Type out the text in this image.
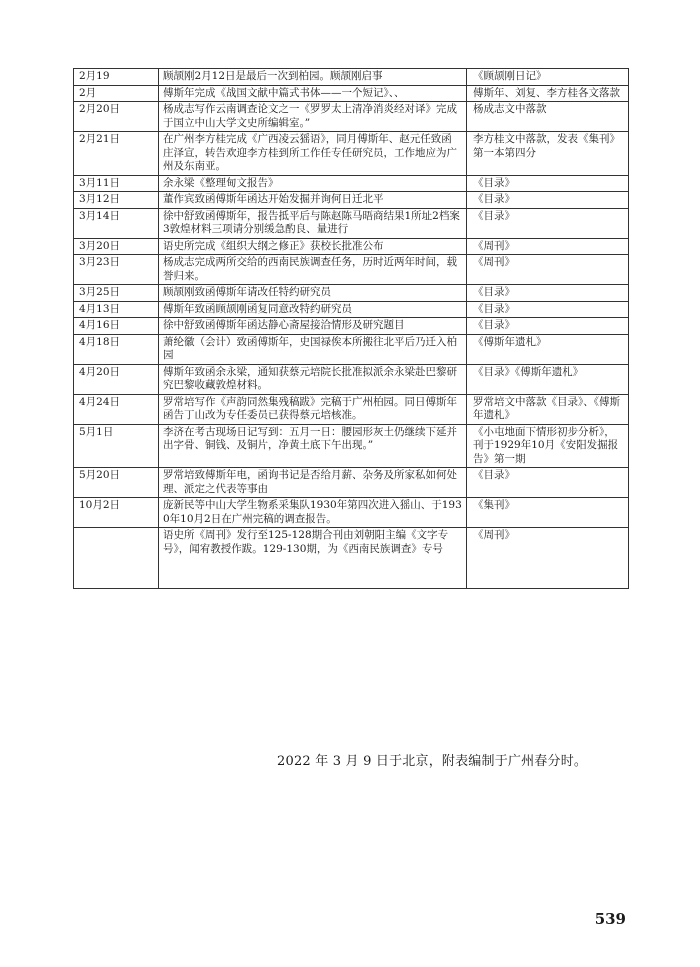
2月19	顾颉刚2月12日是最后一次到柏园。顾颉刚启事	《顾颉刚日记》
2月	傅斯年完成《战国文献中篇式书体——一个短记》、、	傅斯年、刘复、李方桂各文落款
2月20日	杨成志写作云南调查论文之一《罗罗太上清净消炎经对译》完成于国立中山大学文史所编辑室。”	杨成志文中落款
2月21日	在广州李方桂完成《广西凌云猺语》，同月傅斯年、赵元任致函庄泽宣，转告欢迎李方桂到所工作任专任研究员，工作地应为广州及东南亚。	李方桂文中落款，发表《集刊》第一本第四分
3月11日	余永梁《整理甸文报告》	《目录》
3月12日	董作宾致函傅斯年函达开始发掘并询何日迁北平	《目录》
3月14日	徐中舒致函傅斯年，报告抵平后与陈赵陈马晤商结果1所址2档案3敦煌材料三项请分别缓急酌良、量进行	《目录》
3月20日	语史所完成《组织大纲之修正》获校长批准公布	《周刊》
3月23日	杨成志完成两所交给的西南民族调查任务，历时近两年时间，载誉归来。	《周刊》
3月25日	顾颉刚致函傅斯年请改任特约研究员	《目录》
4月13日	傅斯年致函顾颉刚函复同意改特约研究员	《目录》
4月16日	徐中舒致函傅斯年函达静心斋屋接洽情形及研究题目	《目录》
4月18日	萧纶徽（会计）致函傅斯年，史国禄俟本所搬往北平后乃迁入柏园	《傅斯年遗札》
4月20日	傅斯年致函余永梁，通知获蔡元培院长批准拟派余永梁赴巴黎研究巴黎收藏敦煌材料。	《目录》《傅斯年遗札》
4月24日	罗常培写作《声韵同然集残稿跋》完稿于广州柏园。同日傅斯年函告丁山改为专任委员已获得蔡元培核准。	罗常培文中落款《目录》、《傅斯年遗札》
5月1日	李济在考古现场日记写到：五月一日：腰园形灰土仍继续下延并出字骨、铜钱、及铜片，净黄土底下午出现。”	《小屯地面下情形初步分析》，刊于1929年10月《安阳发掘报告》第一期
5月20日	罗常培致傅斯年电，函询书记是否给月薪、杂务及所家私如何处理、派定之代表等事由	《目录》
10月2日	庞新民等中山大学生物系采集队1930年第四次进入猺山、于1930年10月2日在广州完稿的调查报告。	《集刊》
	语史所《周刊》发行至125-128期合刊由刘朝阳主编《文字专号》，闻宥教授作跋。129-130期，为《西南民族调查》专号	《周刊》
2022 年 3 月 9 日于北京，附表编制于广州春分时。
539
